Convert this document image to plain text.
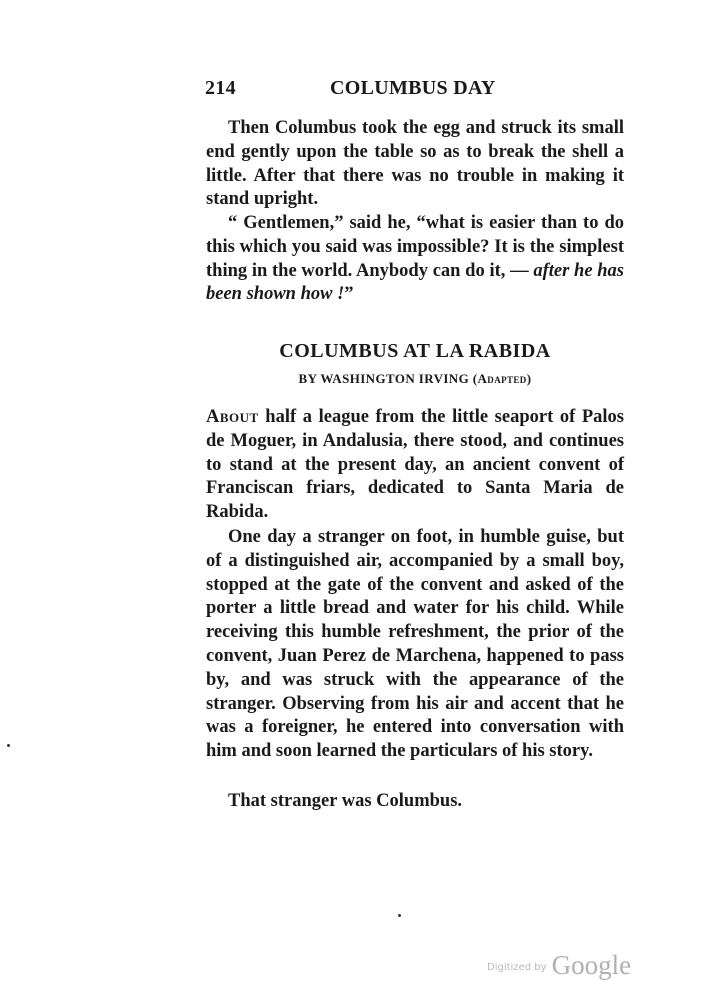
214	COLUMBUS DAY

Then Columbus took the egg and struck its small end gently upon the table so as to break the shell a little. After that there was no trouble in making it stand upright.

“ Gentlemen,” said he, “what is easier than to do this which you said was impossible? It is the simplest thing in the world. Anybody can do it, — after he has been shown how !”

COLUMBUS AT LA RABIDA
BY WASHINGTON IRVING (Adapted)

About half a league from the little seaport of Palos de Moguer, in Andalusia, there stood, and continues to stand at the present day, an ancient convent of Franciscan friars, dedicated to Santa Maria de Rabida.

One day a stranger on foot, in humble guise, but of a distinguished air, accompanied by a small boy, stopped at the gate of the convent and asked of the porter a little bread and water for his child. While receiving this humble refreshment, the prior of the convent, Juan Perez de Marchena, happened to pass by, and was struck with the appearance of the stranger. Observing from his air and accent that he was a foreigner, he entered into conversation with him and soon learned the particulars of his story.

That stranger was Columbus.

$^{Digitized by}$ Google
